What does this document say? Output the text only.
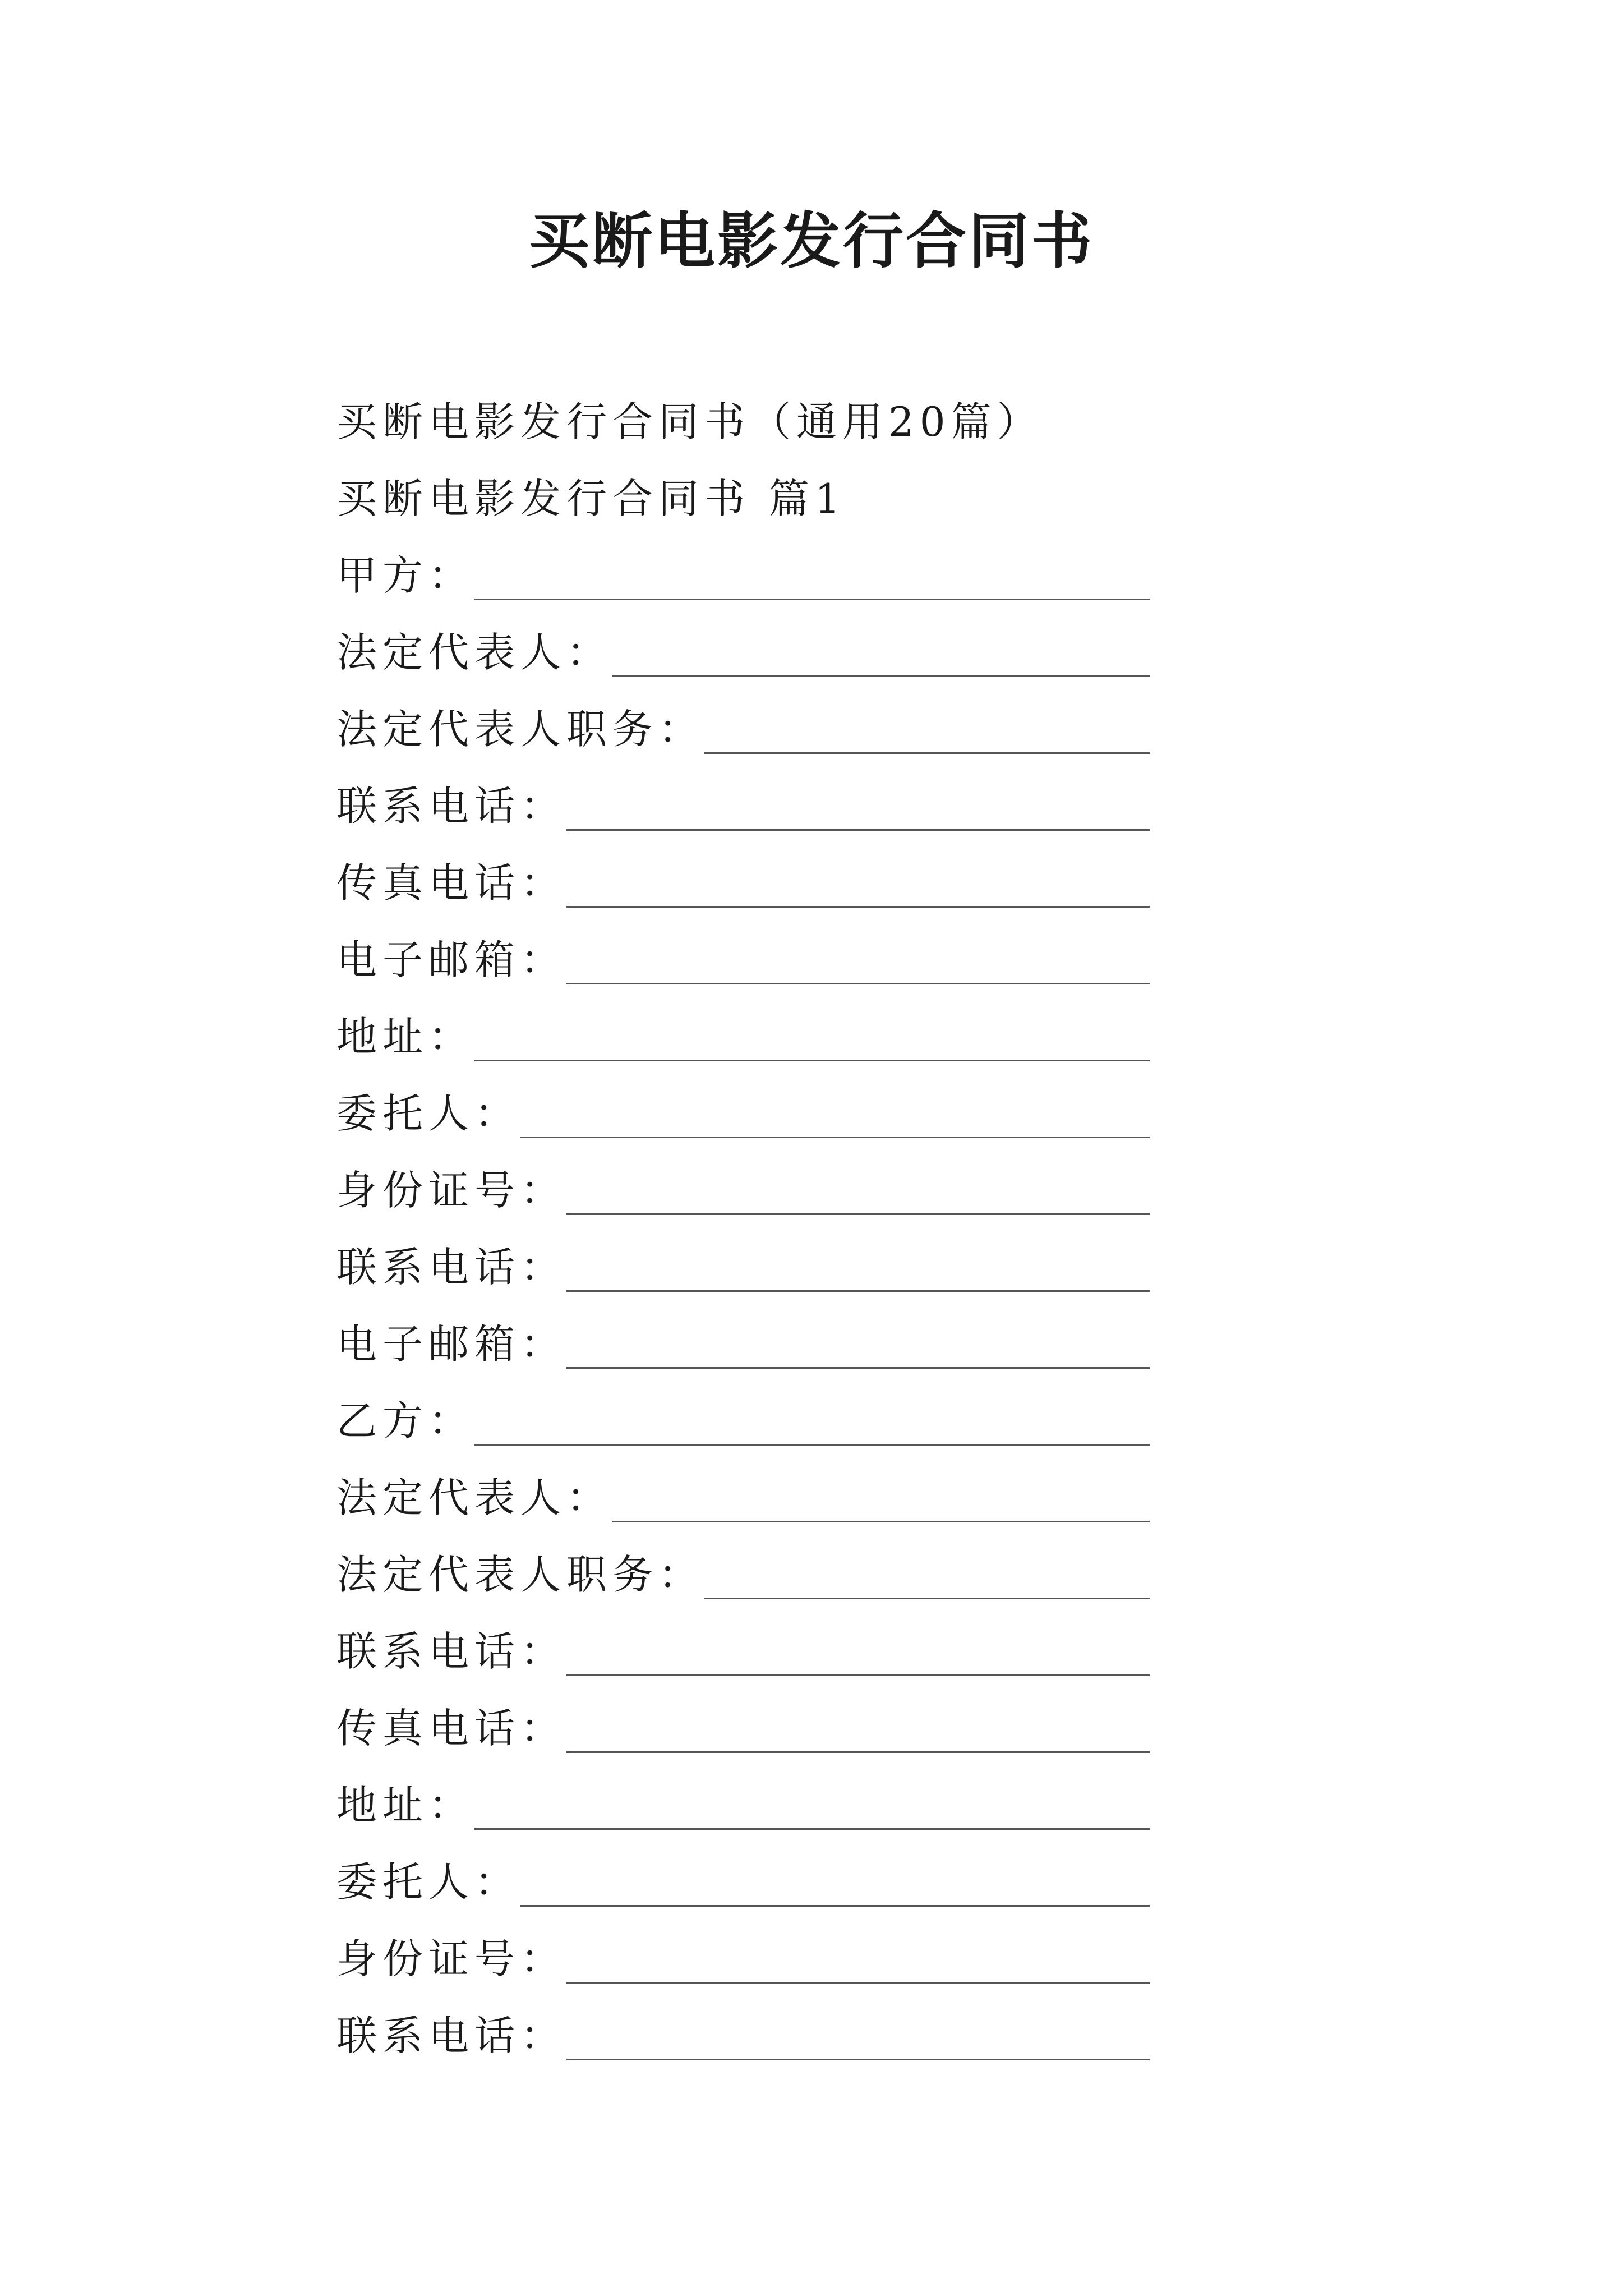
买断电影发行合同书
买断电影发行合同书（通用20篇）
买断电影发行合同书 篇1
甲方：
法定代表人：
法定代表人职务：
联系电话：
传真电话：
电子邮箱：
地址：
委托人：
身份证号：
联系电话：
电子邮箱：
乙方：
法定代表人：
法定代表人职务：
联系电话：
传真电话：
地址：
委托人：
身份证号：
联系电话：
